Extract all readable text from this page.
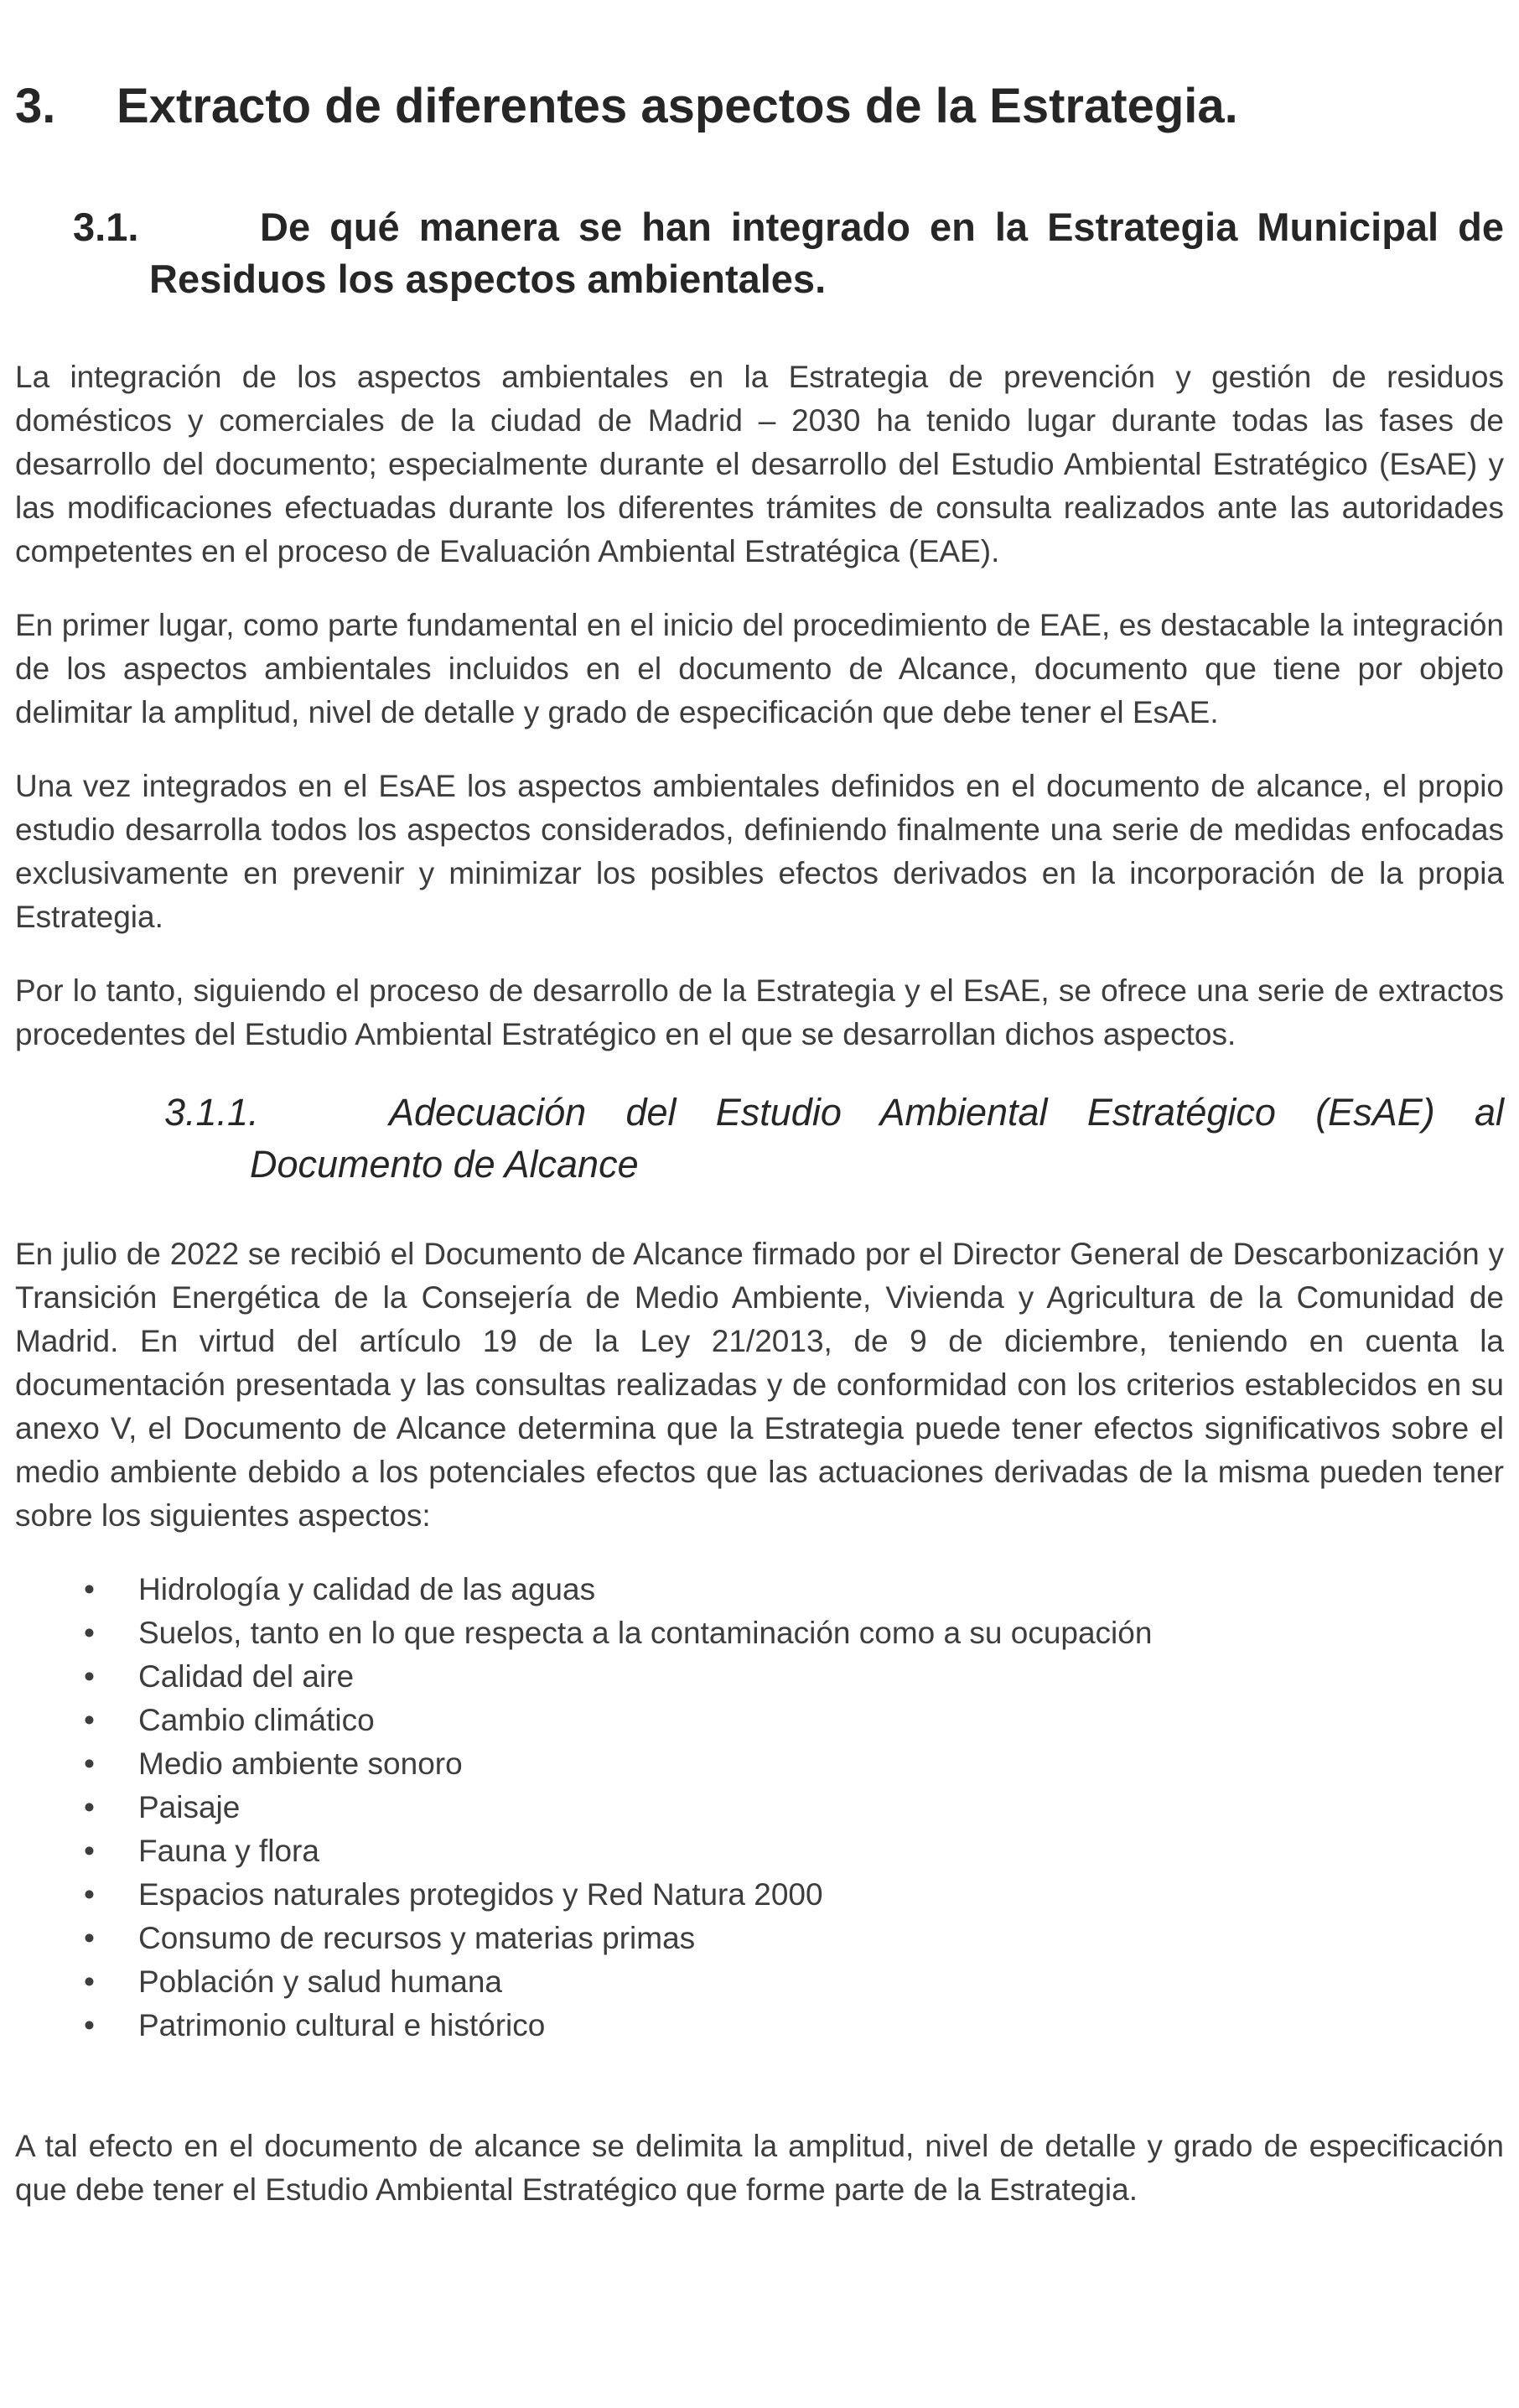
3.	Extracto de diferentes aspectos de la Estrategia.
3.1.	De qué manera se han integrado en la Estrategia Municipal de Residuos los aspectos ambientales.

La integración de los aspectos ambientales en la Estrategia de prevención y gestión de residuos domésticos y comerciales de la ciudad de Madrid – 2030 ha tenido lugar durante todas las fases de desarrollo del documento; especialmente durante el desarrollo del Estudio Ambiental Estratégico (EsAE) y las modificaciones efectuadas durante los diferentes trámites de consulta realizados ante las autoridades competentes en el proceso de Evaluación Ambiental Estratégica (EAE).

En primer lugar, como parte fundamental en el inicio del procedimiento de EAE, es destacable la integración de los aspectos ambientales incluidos en el documento de Alcance, documento que tiene por objeto delimitar la amplitud, nivel de detalle y grado de especificación que debe tener el EsAE.

Una vez integrados en el EsAE los aspectos ambientales definidos en el documento de alcance, el propio estudio desarrolla todos los aspectos considerados, definiendo finalmente una serie de medidas enfocadas exclusivamente en prevenir y minimizar los posibles efectos derivados en la incorporación de la propia Estrategia.

Por lo tanto, siguiendo el proceso de desarrollo de la Estrategia y el EsAE, se ofrece una serie de extractos procedentes del Estudio Ambiental Estratégico en el que se desarrollan dichos aspectos.

3.1.1.	Adecuación del Estudio Ambiental Estratégico (EsAE) al Documento de Alcance

En julio de 2022 se recibió el Documento de Alcance firmado por el Director General de Descarbonización y Transición Energética de la Consejería de Medio Ambiente, Vivienda y Agricultura de la Comunidad de Madrid. En virtud del artículo 19 de la Ley 21/2013, de 9 de diciembre, teniendo en cuenta la documentación presentada y las consultas realizadas y de conformidad con los criterios establecidos en su anexo V, el Documento de Alcance determina que la Estrategia puede tener efectos significativos sobre el medio ambiente debido a los potenciales efectos que las actuaciones derivadas de la misma pueden tener sobre los siguientes aspectos:

• Hidrología y calidad de las aguas
• Suelos, tanto en lo que respecta a la contaminación como a su ocupación
• Calidad del aire
• Cambio climático
• Medio ambiente sonoro
• Paisaje
• Fauna y flora
• Espacios naturales protegidos y Red Natura 2000
• Consumo de recursos y materias primas
• Población y salud humana
• Patrimonio cultural e histórico

A tal efecto en el documento de alcance se delimita la amplitud, nivel de detalle y grado de especificación que debe tener el Estudio Ambiental Estratégico que forme parte de la Estrategia.
